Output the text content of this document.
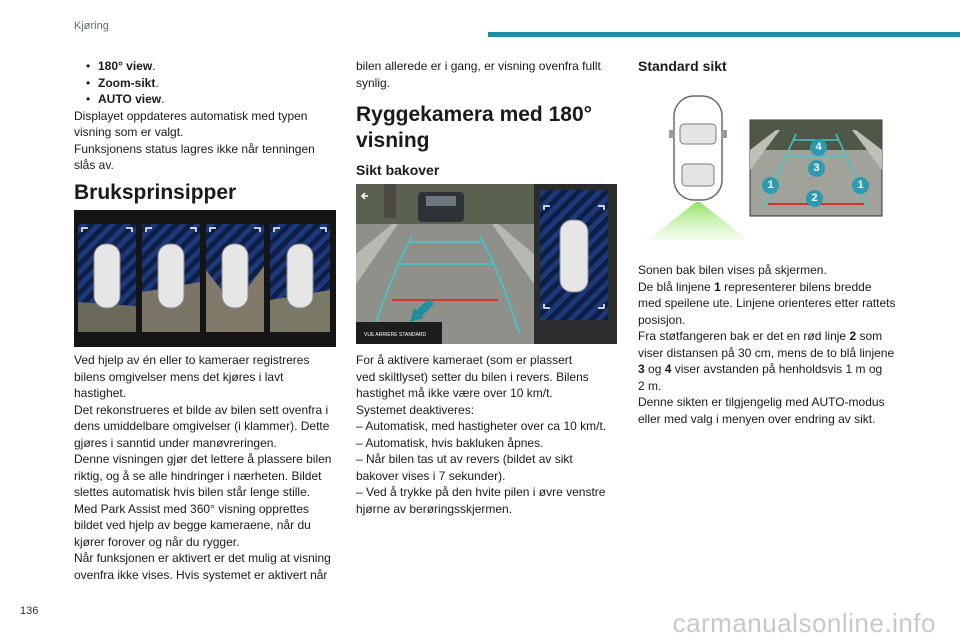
Kjøring
• 180° view.
• Zoom-sikt.
• AUTO view.

Displayet oppdateres automatisk med typen

visning som er valgt.

Funksjonens status lagres ikke når tenningen

slås av.

Bruksprinsipper

Ved hjelp av én eller to kameraer registreres

bilens omgivelser mens det kjøres i lavt

hastighet.

Det rekonstrueres et bilde av bilen sett ovenfra i

dens umiddelbare omgivelser (i klammer). Dette

gjøres i sanntid under manøvreringen.

Denne visningen gjør det lettere å plassere bilen

riktig, og å se alle hindringer i nærheten. Bildet

slettes automatisk hvis bilen står lenge stille.

Med Park Assist med 360° visning opprettes

bildet ved hjelp av begge kameraene, når du

kjører forover og når du rygger.

Når funksjonen er aktivert er det mulig at visning

ovenfra ikke vises. Hvis systemet er aktivert når

bilen allerede er i gang, er visning ovenfra fullt

synlig.

Ryggekamera med 180°
visning
Sikt bakover
VUE ARRIERE STANDARD

For å aktivere kameraet (som er plassert

ved skiltlyset) setter du bilen i revers. Bilens

hastighet må ikke være over 10 km/t.

Systemet deaktiveres:

– Automatisk, med hastigheter over ca 10 km/t.

– Automatisk, hvis bakluken åpnes.

– Når bilen tas ut av revers (bildet av sikt

bakover vises i 7 sekunder).

– Ved å trykke på den hvite pilen i øvre venstre

hjørne av berøringsskjermen.

Standard sikt
4
3
1	1
2

Sonen bak bilen vises på skjermen.

De blå linjene 1 representerer bilens bredde

med speilene ute. Linjene orienteres etter rattets

posisjon.

Fra støtfangeren bak er det en rød linje 2 som

viser distansen på 30 cm, mens de to blå linjene

3 og 4 viser avstanden på henholdsvis 1 m og

2 m.

Denne sikten er tilgjengelig med AUTO-modus

eller med valg i menyen over endring av sikt.

136	carmanualsonline.info
